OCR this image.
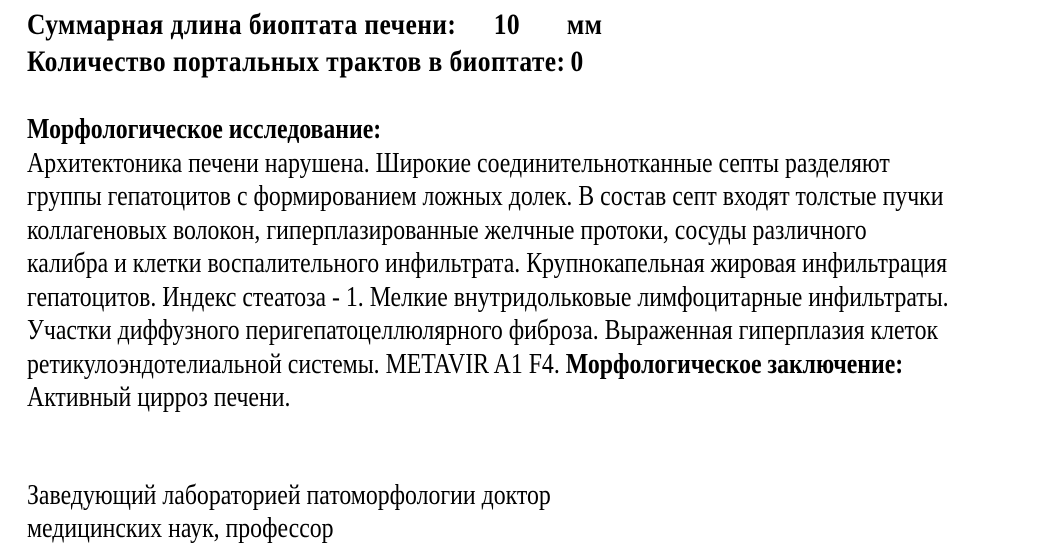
Суммарная длина биоптата печени: 10 мм
Количество портальных трактов в биоптате: 0
Морфологическое исследование:
Архитектоника печени нарушена. Широкие соединительнотканные септы разделяют
группы гепатоцитов с формированием ложных долек. В состав септ входят толстые пучки
коллагеновых волокон, гиперплазированные желчные протоки, сосуды различного
калибра и клетки воспалительного инфильтрата. Крупнокапельная жировая инфильтрация
гепатоцитов. Индекс стеатоза - 1. Мелкие внутридольковые лимфоцитарные инфильтраты.
Участки диффузного перигепатоцеллюлярного фиброза. Выраженная гиперплазия клеток
ретикулоэндотелиальной системы. METAVIR A1 F4. Морфологическое заключение:
Активный цирроз печени.
Заведующий лабораторией патоморфологии доктор
медицинских наук, профессор
